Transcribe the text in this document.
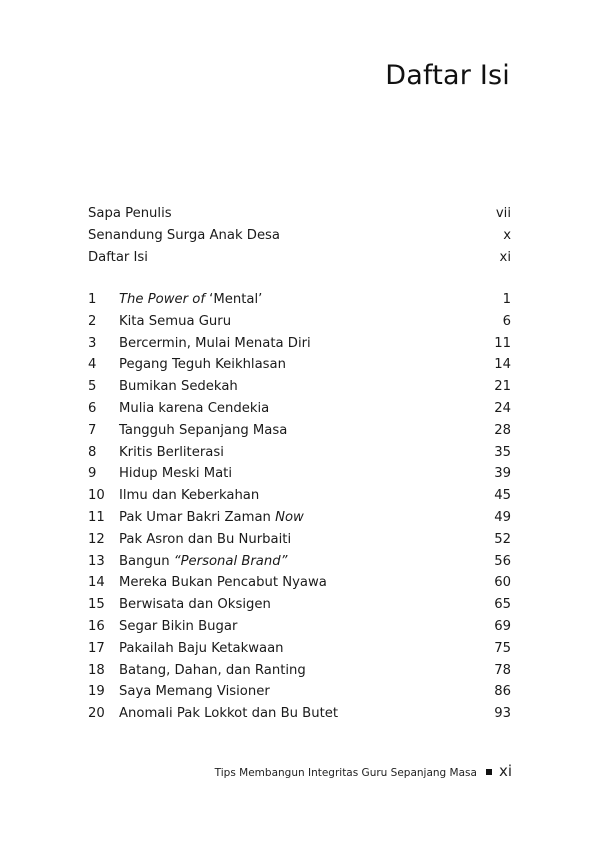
Daftar Isi
Sapa Penulis	vii
Senandung Surga Anak Desa	x
Daftar Isi	xi
1	The Power of ‘Mental’	1
2	Kita Semua Guru	6
3	Bercermin, Mulai Menata Diri	11
4	Pegang Teguh Keikhlasan	14
5	Bumikan Sedekah	21
6	Mulia karena Cendekia	24
7	Tangguh Sepanjang Masa	28
8	Kritis Berliterasi	35
9	Hidup Meski Mati	39
10	Ilmu dan Keberkahan	45
11	Pak Umar Bakri Zaman Now	49
12	Pak Asron dan Bu Nurbaiti	52
13	Bangun “Personal Brand”	56
14	Mereka Bukan Pencabut Nyawa	60
15	Berwisata dan Oksigen	65
16	Segar Bikin Bugar	69
17	Pakailah Baju Ketakwaan	75
18	Batang, Dahan, dan Ranting	78
19	Saya Memang Visioner	86
20	Anomali Pak Lokkot dan Bu Butet	93
Tips Membangun Integritas Guru Sepanjang Masa xi
